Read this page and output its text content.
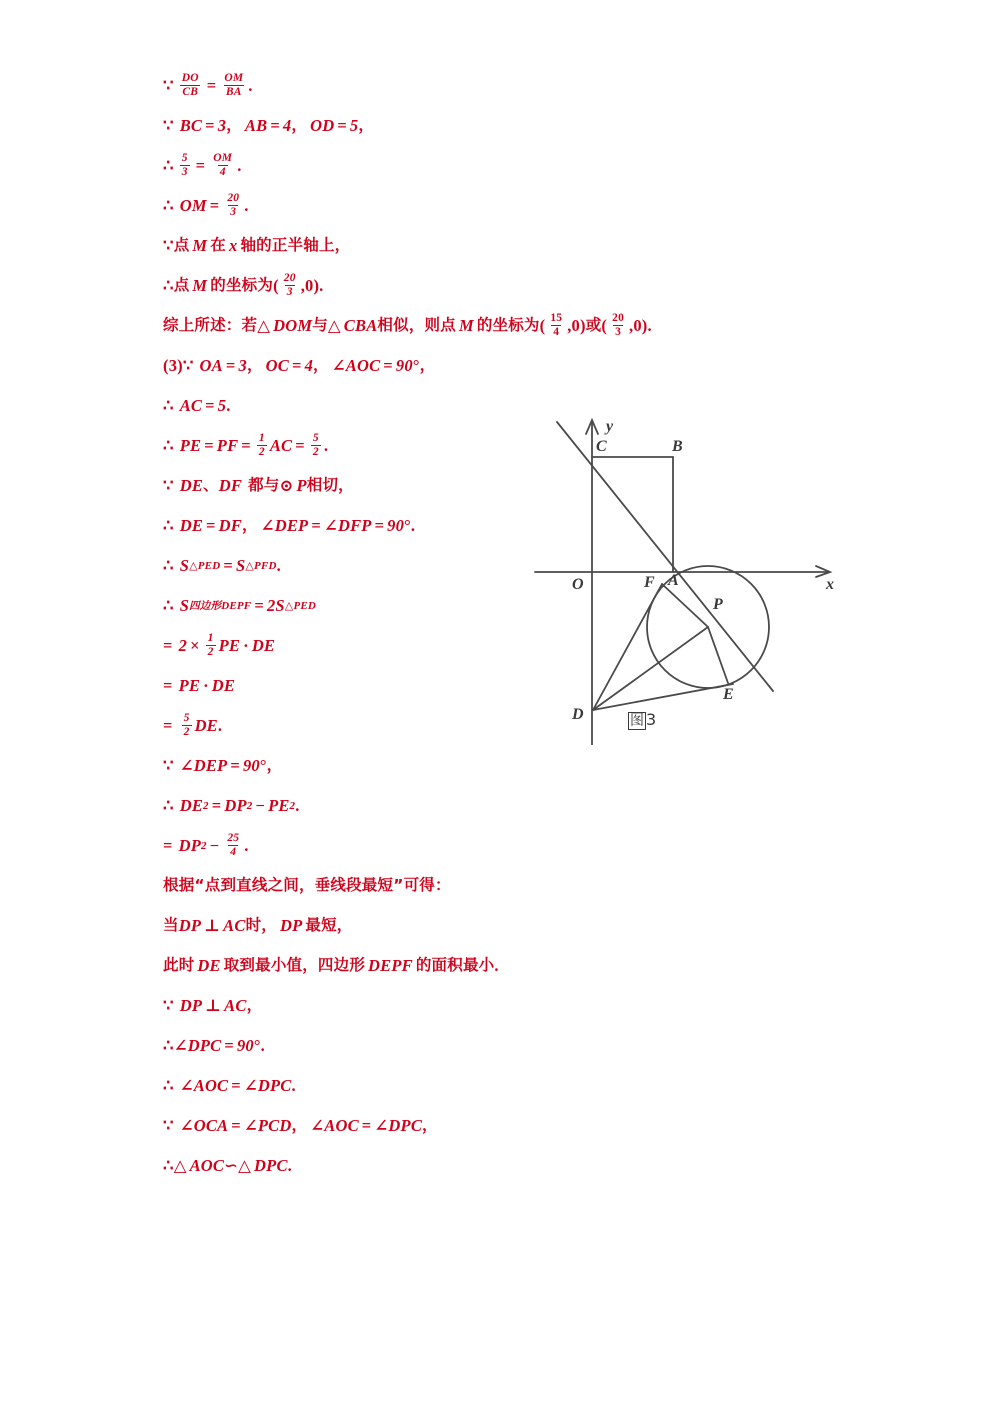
∵ $\frac{DO}{CB} = \frac{OM}{BA}$ .
∵ BC = 3 ， AB = 4 ， OD = 5 ，
∴ $\frac{5}{3} = \frac{OM}{4}$ .
∴ OM = $\frac{20}{3}$ .
∵ 点 M 在 x 轴的正半轴上，
∴ 点 M 的坐标为 ( $\frac{20}{3} ,0$).
综上所述：若 △ DOM 与 △ CBA 相似，则点 M 的坐标为 ( $\frac{15}{4} ,0$) 或 ( $\frac{20}{3} ,0$).
(3) ∵ OA = 3 ， OC = 4 ， ∠ AOC = 90 ° ，
∴ AC = 5 .
∴ PE = PF = $\frac{1}{2}$ AC = $\frac{5}{2}$ .
∵ DE 、 DF 都与 ⊙ P 相切，
∴ DE = DF ， ∠ DEP = ∠ DFP = 90 ° .
∴ S △PED = S △PFD .
∴ S 四边形DEPF = 2S △PED
= $2 \times \frac{1}{2}$ PE · DE
= PE · DE
= $\frac{5}{2}$ DE .
∵ ∠ DEP = 90 ° ，
∴ DE 2 = DP 2 − PE 2 .
= DP $2 - \frac{25}{4}$ .
根据“点到直线之间，垂线段最短”可得：
当 DP ⊥ AC 时， DP 最短，
此时 DE 取到最小值，四边形 DEPF 的面积最小 .
∵ DP ⊥ AC ，
∴ ∠ DPC = 90 ° .
∴ ∠ AOC = ∠ DPC .
∵ ∠ OCA = ∠ PCD ， ∠ AOC = ∠ DPC ，
∴ △ AOC ∽ △ DPC .
y
x
O
C	B
A
F
P
E
D	图 3
